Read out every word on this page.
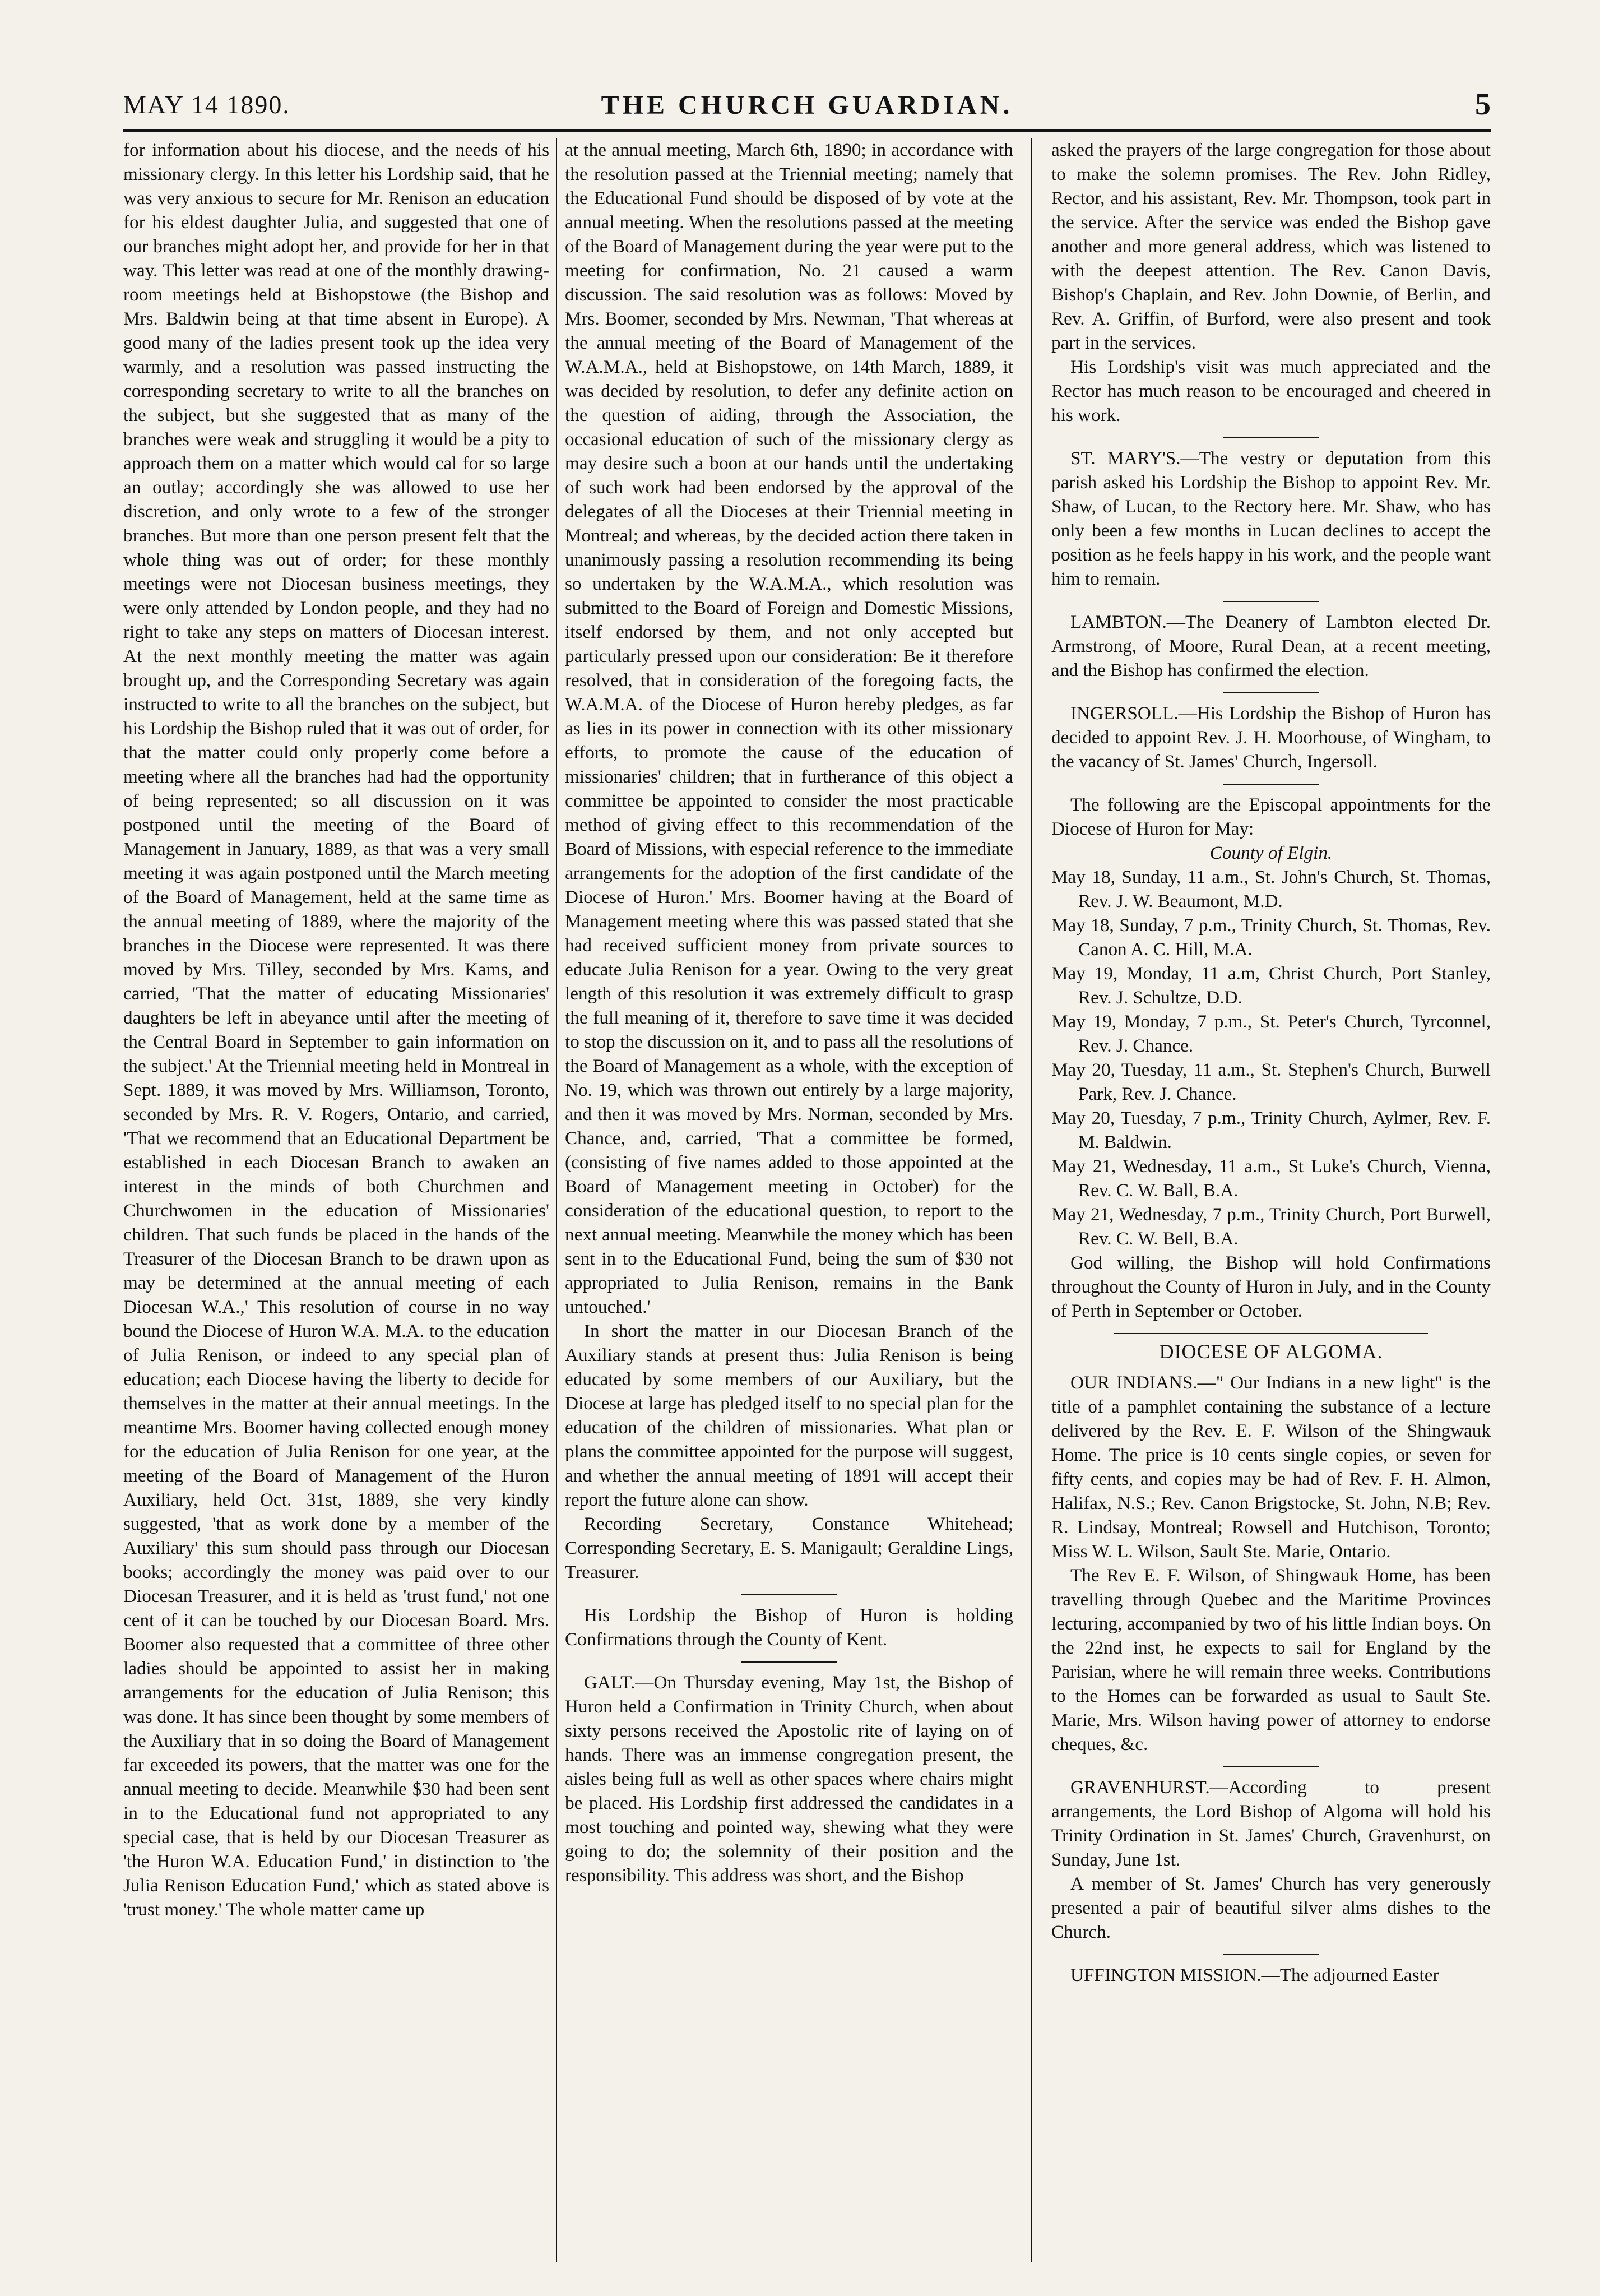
MAY 14 1890.	THE CHURCH GUARDIAN.	5

for information about his diocese, and the needs of his missionary clergy. In this letter his Lordship said, that he was very anxious to secure for Mr. Renison an education for his eldest daughter Julia, and suggested that one of our branches might adopt her, and provide for her in that way. This letter was read at one of the monthly drawing-room meetings held at Bishopstowe (the Bishop and Mrs. Baldwin being at that time absent in Europe). A good many of the ladies present took up the idea very warmly, and a resolution was passed instructing the corresponding secretary to write to all the branches on the subject, but she suggested that as many of the branches were weak and struggling it would be a pity to approach them on a matter which would cal for so large an outlay; accordingly she was allowed to use her discretion, and only wrote to a few of the stronger branches. But more than one person present felt that the whole thing was out of order; for these monthly meetings were not Diocesan business meetings, they were only attended by London people, and they had no right to take any steps on matters of Diocesan interest. At the next monthly meeting the matter was again brought up, and the Corresponding Secretary was again instructed to write to all the branches on the subject, but his Lordship the Bishop ruled that it was out of order, for that the matter could only properly come before a meeting where all the branches had had the opportunity of being represented; so all discussion on it was postponed until the meeting of the Board of Management in January, 1889, as that was a very small meeting it was again postponed until the March meeting of the Board of Management, held at the same time as the annual meeting of 1889, where the majority of the branches in the Diocese were represented. It was there moved by Mrs. Tilley, seconded by Mrs. Kams, and carried, 'That the matter of educating Missionaries' daughters be left in abeyance until after the meeting of the Central Board in September to gain information on the subject.' At the Triennial meeting held in Montreal in Sept. 1889, it was moved by Mrs. Williamson, Toronto, seconded by Mrs. R. V. Rogers, Ontario, and carried, 'That we recommend that an Educational Department be established in each Diocesan Branch to awaken an interest in the minds of both Churchmen and Churchwomen in the education of Missionaries' children. That such funds be placed in the hands of the Treasurer of the Diocesan Branch to be drawn upon as may be determined at the annual meeting of each Diocesan W.A.,' This resolution of course in no way bound the Diocese of Huron W.A. M.A. to the education of Julia Renison, or indeed to any special plan of education; each Diocese having the liberty to decide for themselves in the matter at their annual meetings. In the meantime Mrs. Boomer having collected enough money for the education of Julia Renison for one year, at the meeting of the Board of Management of the Huron Auxiliary, held Oct. 31st, 1889, she very kindly suggested, 'that as work done by a member of the Auxiliary' this sum should pass through our Diocesan books; accordingly the money was paid over to our Diocesan Treasurer, and it is held as 'trust fund,' not one cent of it can be touched by our Diocesan Board. Mrs. Boomer also requested that a committee of three other ladies should be appointed to assist her in making arrangements for the education of Julia Renison; this was done. It has since been thought by some members of the Auxiliary that in so doing the Board of Management far exceeded its powers, that the matter was one for the annual meeting to decide. Meanwhile $30 had been sent in to the Educational fund not appropriated to any special case, that is held by our Diocesan Treasurer as 'the Huron W.A. Education Fund,' in distinction to 'the Julia Renison Education Fund,' which as stated above is 'trust money.' The whole matter came up

at the annual meeting, March 6th, 1890; in accordance with the resolution passed at the Triennial meeting; namely that the Educational Fund should be disposed of by vote at the annual meeting. When the resolutions passed at the meeting of the Board of Management during the year were put to the meeting for confirmation, No. 21 caused a warm discussion. The said resolution was as follows: Moved by Mrs. Boomer, seconded by Mrs. Newman, 'That whereas at the annual meeting of the Board of Management of the W.A.M.A., held at Bishopstowe, on 14th March, 1889, it was decided by resolution, to defer any definite action on the question of aiding, through the Association, the occasional education of such of the missionary clergy as may desire such a boon at our hands until the undertaking of such work had been endorsed by the approval of the delegates of all the Dioceses at their Triennial meeting in Montreal; and whereas, by the decided action there taken in unanimously passing a resolution recommending its being so undertaken by the W.A.M.A., which resolution was submitted to the Board of Foreign and Domestic Missions, itself endorsed by them, and not only accepted but particularly pressed upon our consideration: Be it therefore resolved, that in consideration of the foregoing facts, the W.A.M.A. of the Diocese of Huron hereby pledges, as far as lies in its power in connection with its other missionary efforts, to promote the cause of the education of missionaries' children; that in furtherance of this object a committee be appointed to consider the most practicable method of giving effect to this recommendation of the Board of Missions, with especial reference to the immediate arrangements for the adoption of the first candidate of the Diocese of Huron.' Mrs. Boomer having at the Board of Management meeting where this was passed stated that she had received sufficient money from private sources to educate Julia Renison for a year. Owing to the very great length of this resolution it was extremely difficult to grasp the full meaning of it, therefore to save time it was decided to stop the discussion on it, and to pass all the resolutions of the Board of Management as a whole, with the exception of No. 19, which was thrown out entirely by a large majority, and then it was moved by Mrs. Norman, seconded by Mrs. Chance, and, carried, 'That a committee be formed, (consisting of five names added to those appointed at the Board of Management meeting in October) for the consideration of the educational question, to report to the next annual meeting. Meanwhile the money which has been sent in to the Educational Fund, being the sum of $30 not appropriated to Julia Renison, remains in the Bank untouched.'

In short the matter in our Diocesan Branch of the Auxiliary stands at present thus: Julia Renison is being educated by some members of our Auxiliary, but the Diocese at large has pledged itself to no special plan for the education of the children of missionaries. What plan or plans the committee appointed for the purpose will suggest, and whether the annual meeting of 1891 will accept their report the future alone can show.

Recording Secretary, Constance Whitehead; Corresponding Secretary, E. S. Manigault; Geraldine Lings, Treasurer.

His Lordship the Bishop of Huron is holding Confirmations through the County of Kent.

GALT.—On Thursday evening, May 1st, the Bishop of Huron held a Confirmation in Trinity Church, when about sixty persons received the Apostolic rite of laying on of hands. There was an immense congregation present, the aisles being full as well as other spaces where chairs might be placed. His Lordship first addressed the candidates in a most touching and pointed way, shewing what they were going to do; the solemnity of their position and the responsibility. This address was short, and the Bishop

asked the prayers of the large congregation for those about to make the solemn promises. The Rev. John Ridley, Rector, and his assistant, Rev. Mr. Thompson, took part in the service. After the service was ended the Bishop gave another and more general address, which was listened to with the deepest attention. The Rev. Canon Davis, Bishop's Chaplain, and Rev. John Downie, of Berlin, and Rev. A. Griffin, of Burford, were also present and took part in the services.

His Lordship's visit was much appreciated and the Rector has much reason to be encouraged and cheered in his work.

ST. MARY'S.—The vestry or deputation from this parish asked his Lordship the Bishop to appoint Rev. Mr. Shaw, of Lucan, to the Rectory here. Mr. Shaw, who has only been a few months in Lucan declines to accept the position as he feels happy in his work, and the people want him to remain.

LAMBTON.—The Deanery of Lambton elected Dr. Armstrong, of Moore, Rural Dean, at a recent meeting, and the Bishop has confirmed the election.

INGERSOLL.—His Lordship the Bishop of Huron has decided to appoint Rev. J. H. Moorhouse, of Wingham, to the vacancy of St. James' Church, Ingersoll.

The following are the Episcopal appointments for the Diocese of Huron for May:

County of Elgin.
May 18, Sunday, 11 a.m., St. John's Church, St. Thomas, Rev. J. W. Beaumont, M.D.
May 18, Sunday, 7 p.m., Trinity Church, St. Thomas, Rev. Canon A. C. Hill, M.A.
May 19, Monday, 11 a.m, Christ Church, Port Stanley, Rev. J. Schultze, D.D.
May 19, Monday, 7 p.m., St. Peter's Church, Tyrconnel, Rev. J. Chance.
May 20, Tuesday, 11 a.m., St. Stephen's Church, Burwell Park, Rev. J. Chance.
May 20, Tuesday, 7 p.m., Trinity Church, Aylmer, Rev. F. M. Baldwin.
May 21, Wednesday, 11 a.m., St Luke's Church, Vienna, Rev. C. W. Ball, B.A.
May 21, Wednesday, 7 p.m., Trinity Church, Port Burwell, Rev. C. W. Bell, B.A.

God willing, the Bishop will hold Confirmations throughout the County of Huron in July, and in the County of Perth in September or October.

DIOCESE OF ALGOMA.

OUR INDIANS.—" Our Indians in a new light" is the title of a pamphlet containing the substance of a lecture delivered by the Rev. E. F. Wilson of the Shingwauk Home. The price is 10 cents single copies, or seven for fifty cents, and copies may be had of Rev. F. H. Almon, Halifax, N.S.; Rev. Canon Brigstocke, St. John, N.B; Rev. R. Lindsay, Montreal; Rowsell and Hutchison, Toronto; Miss W. L. Wilson, Sault Ste. Marie, Ontario.

The Rev E. F. Wilson, of Shingwauk Home, has been travelling through Quebec and the Maritime Provinces lecturing, accompanied by two of his little Indian boys. On the 22nd inst, he expects to sail for England by the Parisian, where he will remain three weeks. Contributions to the Homes can be forwarded as usual to Sault Ste. Marie, Mrs. Wilson having power of attorney to endorse cheques, &c.

GRAVENHURST.—According to present arrangements, the Lord Bishop of Algoma will hold his Trinity Ordination in St. James' Church, Gravenhurst, on Sunday, June 1st.

A member of St. James' Church has very generously presented a pair of beautiful silver alms dishes to the Church.

UFFINGTON MISSION.—The adjourned Easter
